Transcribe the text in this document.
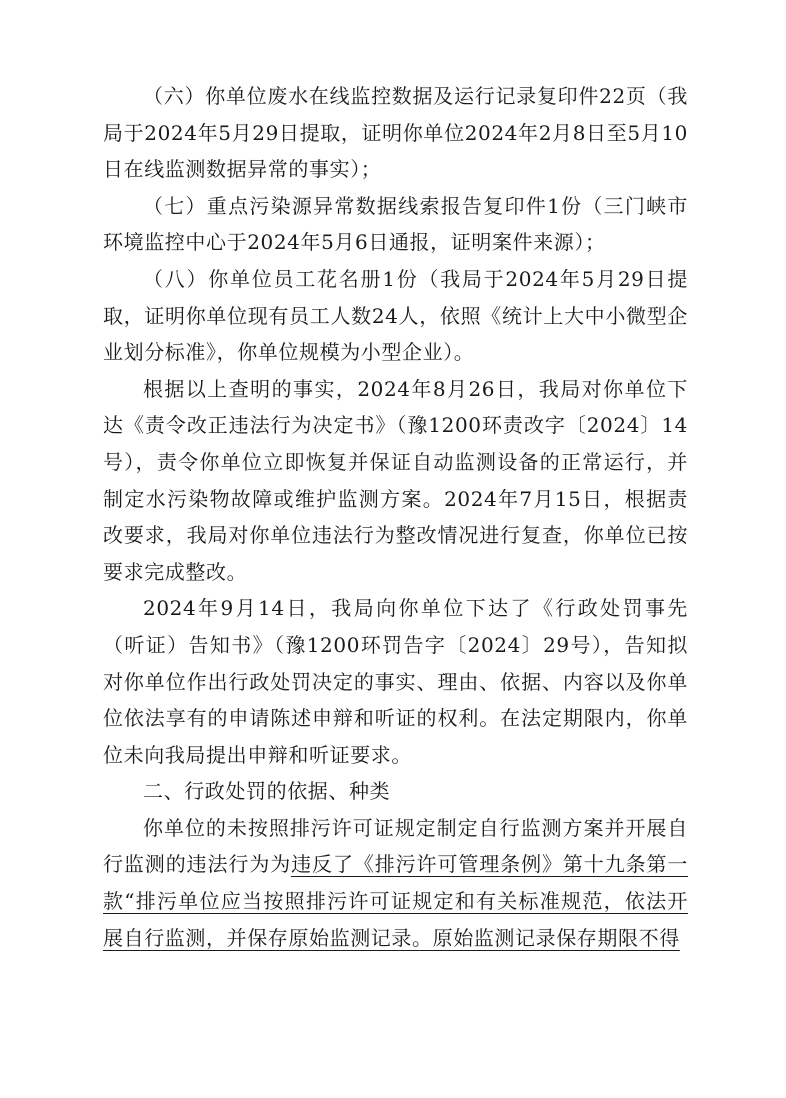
（六）你单位废水在线监控数据及运行记录复印件22页（我局于2024年5月29日提取，证明你单位2024年2月8日至5月10日在线监测数据异常的事实）；

（七）重点污染源异常数据线索报告复印件1份（三门峡市环境监控中心于2024年5月6日通报，证明案件来源）；

（八）你单位员工花名册1份（我局于2024年5月29日提取，证明你单位现有员工人数24人，依照《统计上大中小微型企业划分标准》，你单位规模为小型企业）。

根据以上查明的事实，2024年8月26日，我局对你单位下达《责令改正违法行为决定书》（豫1200环责改字〔2024〕14号），责令你单位立即恢复并保证自动监测设备的正常运行，并制定水污染物故障或维护监测方案。2024年7月15日，根据责改要求，我局对你单位违法行为整改情况进行复查，你单位已按要求完成整改。

2024年9月14日，我局向你单位下达了《行政处罚事先（听证）告知书》（豫1200环罚告字〔2024〕29号），告知拟对你单位作出行政处罚决定的事实、理由、依据、内容以及你单位依法享有的申请陈述申辩和听证的权利。在法定期限内，你单位未向我局提出申辩和听证要求。

二、行政处罚的依据、种类

你单位的未按照排污许可证规定制定自行监测方案并开展自行监测的违法行为为违反了《排污许可管理条例》第十九条第一款“排污单位应当按照排污许可证规定和有关标准规范，依法开展自行监测，并保存原始监测记录。原始监测记录保存期限不得
